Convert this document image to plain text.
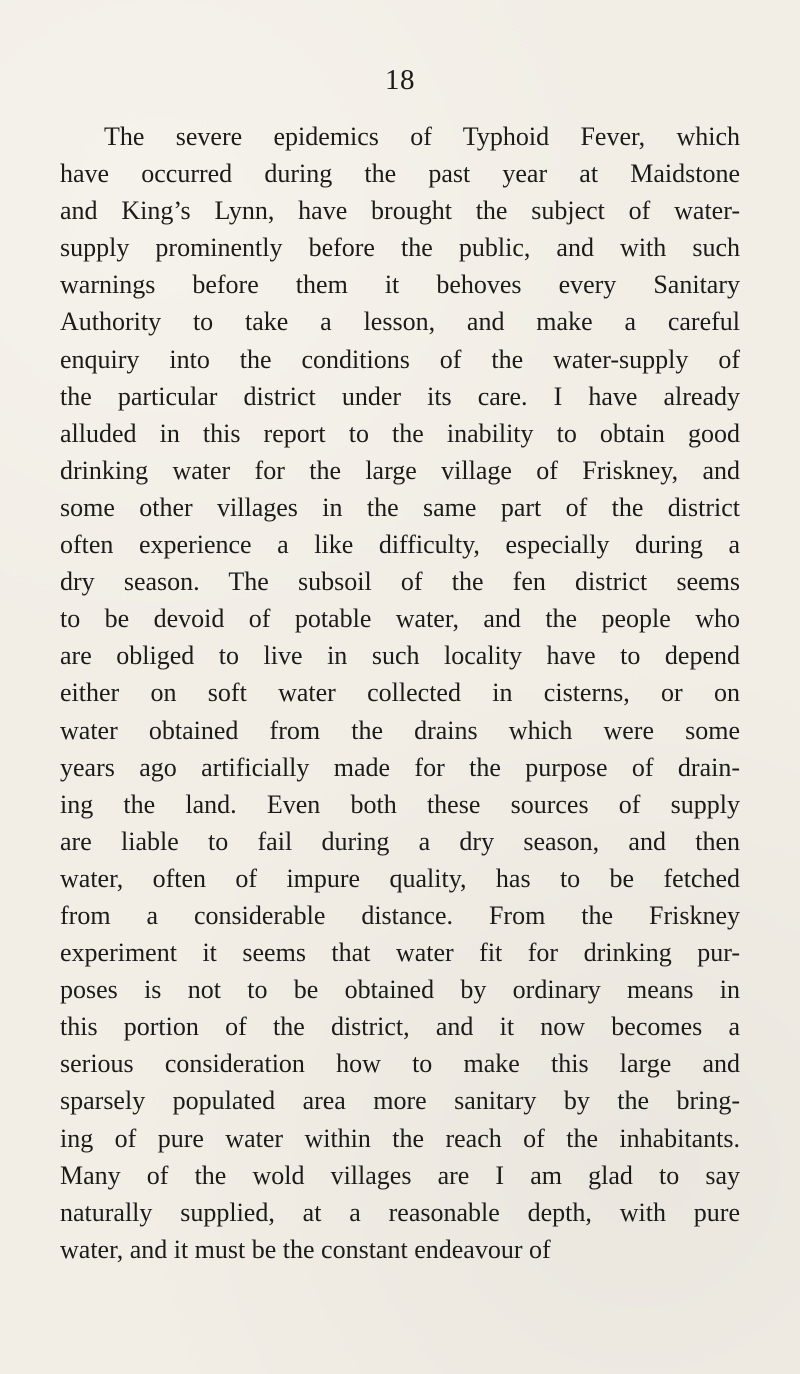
18
The severe epidemics of Typhoid Fever, which
have occurred during the past year at Maidstone
and King’s Lynn, have brought the subject of water-
supply prominently before the public, and with such
warnings before them it behoves every Sanitary
Authority to take a lesson, and make a careful
enquiry into the conditions of the water-supply of
the particular district under its care. I have already
alluded in this report to the inability to obtain good
drinking water for the large village of Friskney, and
some other villages in the same part of the district
often experience a like difficulty, especially during a
dry season. The subsoil of the fen district seems
to be devoid of potable water, and the people who
are obliged to live in such locality have to depend
either on soft water collected in cisterns, or on
water obtained from the drains which were some
years ago artificially made for the purpose of drain-
ing the land. Even both these sources of supply
are liable to fail during a dry season, and then
water, often of impure quality, has to be fetched
from a considerable distance. From the Friskney
experiment it seems that water fit for drinking pur-
poses is not to be obtained by ordinary means in
this portion of the district, and it now becomes a
serious consideration how to make this large and
sparsely populated area more sanitary by the bring-
ing of pure water within the reach of the inhabitants.
Many of the wold villages are I am glad to say
naturally supplied, at a reasonable depth, with pure
water, and it must be the constant endeavour of
